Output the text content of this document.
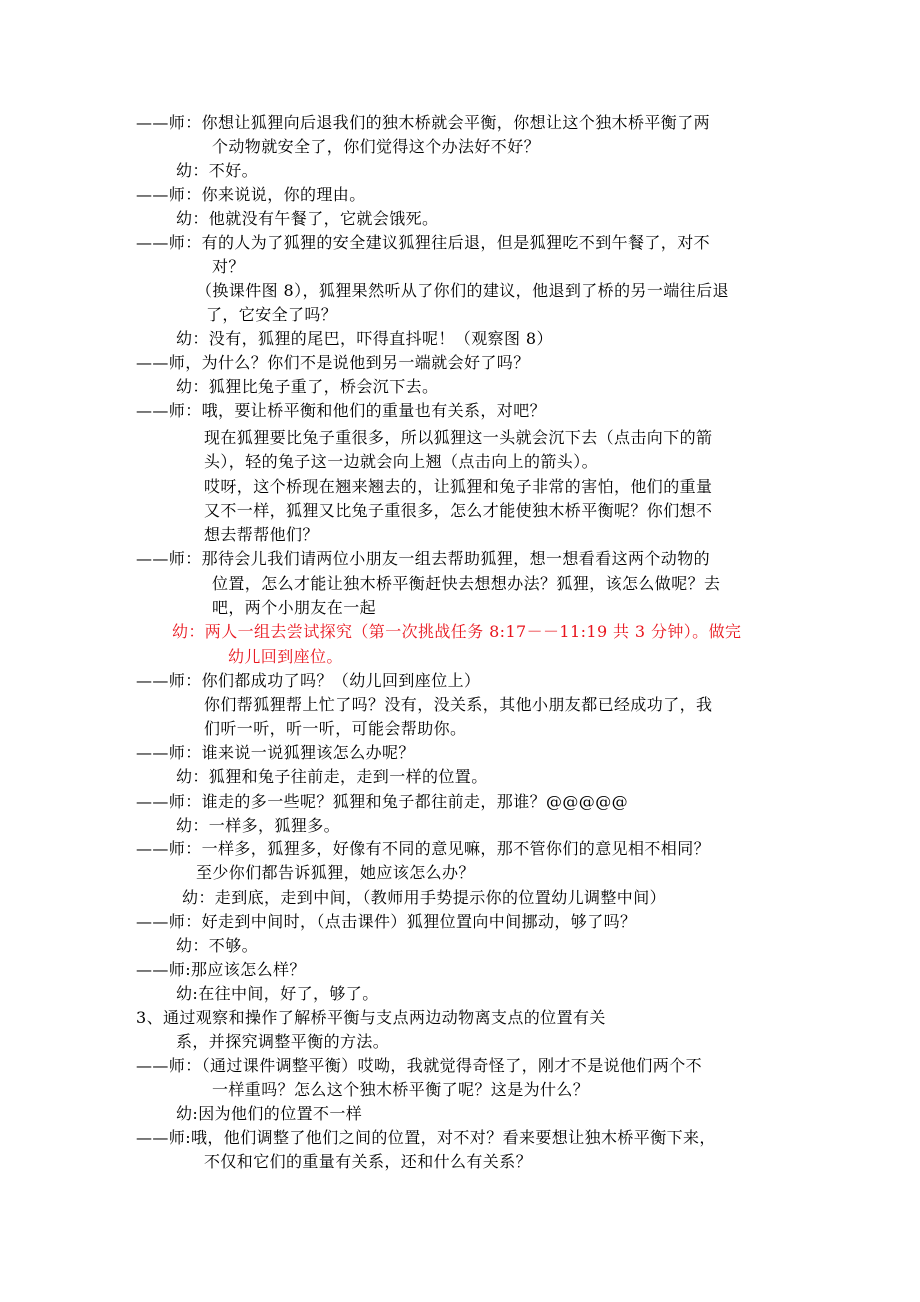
——师：你想让狐狸向后退我们的独木桥就会平衡，你想让这个独木桥平衡了两
个动物就安全了，你们觉得这个办法好不好？
幼：不好。
——师：你来说说，你的理由。
幼：他就没有午餐了，它就会饿死。
——师：有的人为了狐狸的安全建议狐狸往后退，但是狐狸吃不到午餐了，对不
对？
（换课件图 8），狐狸果然听从了你们的建议，他退到了桥的另一端往后退
了，它安全了吗？
幼：没有，狐狸的尾巴，吓得直抖呢！（观察图 8）
——师，为什么？你们不是说他到另一端就会好了吗？
幼：狐狸比兔子重了，桥会沉下去。
——师：哦，要让桥平衡和他们的重量也有关系，对吧？
现在狐狸要比兔子重很多，所以狐狸这一头就会沉下去（点击向下的箭
头），轻的兔子这一边就会向上翘（点击向上的箭头）。
哎呀，这个桥现在翘来翘去的，让狐狸和兔子非常的害怕，他们的重量
又不一样，狐狸又比兔子重很多，怎么才能使独木桥平衡呢？你们想不
想去帮帮他们？
——师：那待会儿我们请两位小朋友一组去帮助狐狸，想一想看看这两个动物的
位置，怎么才能让独木桥平衡赶快去想想办法？狐狸，该怎么做呢？去
吧，两个小朋友在一起
幼：两人一组去尝试探究（第一次挑战任务 8:17－－11:19 共 3 分钟）。做完
幼儿回到座位。
——师：你们都成功了吗？（幼儿回到座位上）
你们帮狐狸帮上忙了吗？没有，没关系，其他小朋友都已经成功了，我
们听一听，听一听，可能会帮助你。
——师：谁来说一说狐狸该怎么办呢？
幼：狐狸和兔子往前走，走到一样的位置。
——师：谁走的多一些呢？狐狸和兔子都往前走，那谁？@@@@@
幼：一样多，狐狸多。
——师：一样多，狐狸多，好像有不同的意见嘛，那不管你们的意见相不相同？
至少你们都告诉狐狸，她应该怎么办？
幼：走到底，走到中间，（教师用手势提示你的位置幼儿调整中间）
——师：好走到中间时，（点击课件）狐狸位置向中间挪动，够了吗？
幼：不够。
——师:那应该怎么样？
幼:在往中间，好了，够了。
3、通过观察和操作了解桥平衡与支点两边动物离支点的位置有关
系，并探究调整平衡的方法。
——师：（通过课件调整平衡）哎呦，我就觉得奇怪了，刚才不是说他们两个不
一样重吗？怎么这个独木桥平衡了呢？这是为什么？
幼:因为他们的位置不一样
——师:哦，他们调整了他们之间的位置，对不对？看来要想让独木桥平衡下来，
不仅和它们的重量有关系，还和什么有关系？
